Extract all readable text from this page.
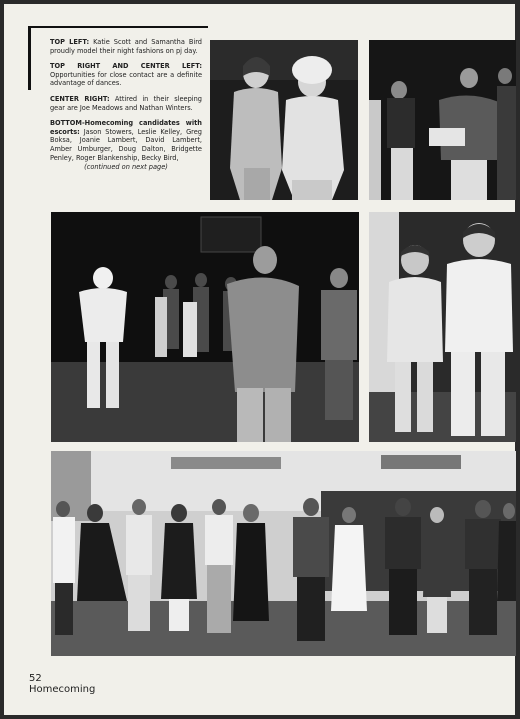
TOP LEFT: Katie Scott and Samantha Bird proudly model their night fashions on pj day.

TOP RIGHT AND CENTER LEFT: Opportunities for close contact are a definite advantage of dances.

CENTER RIGHT: Attired in their sleeping gear are Joe Meadows and Nathan Winters.

BOTTOM-Homecoming candidates with escorts: Jason Stowers, Leslie Kelley, Greg Boksa, Joanie Lambert, David Lambert, Amber Umburger, Doug Dalton, Bridgette Penley, Roger Blankenship, Becky Bird,
(continued on next page)

52
Homecoming
